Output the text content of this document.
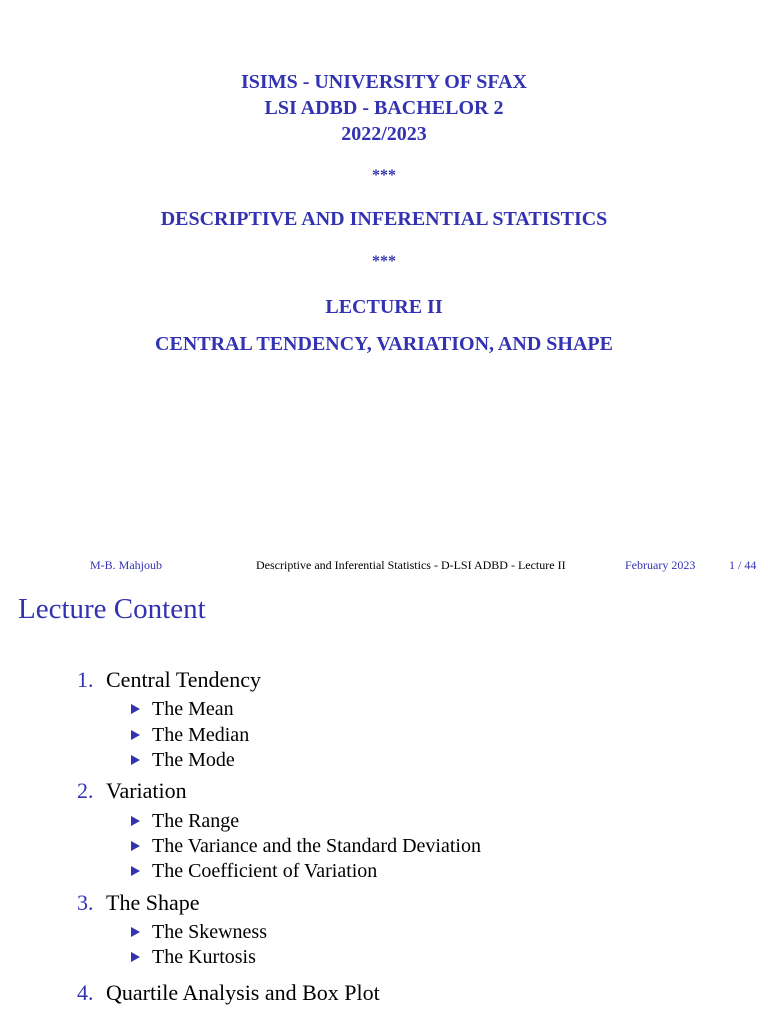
ISIMS - UNIVERSITY OF SFAX
LSI ADBD - BACHELOR 2
2022/2023
***
DESCRIPTIVE AND INFERENTIAL STATISTICS
***
LECTURE II
CENTRAL TENDENCY, VARIATION, AND SHAPE
M-B. Mahjoub	Descriptive and Inferential Statistics - D-LSI ADBD - Lecture II	February 2023	1 / 44
Lecture Content
1. Central Tendency
The Mean
The Median
The Mode
2. Variation
The Range
The Variance and the Standard Deviation
The Coefficient of Variation
3. The Shape
The Skewness
The Kurtosis
4. Quartile Analysis and Box Plot
